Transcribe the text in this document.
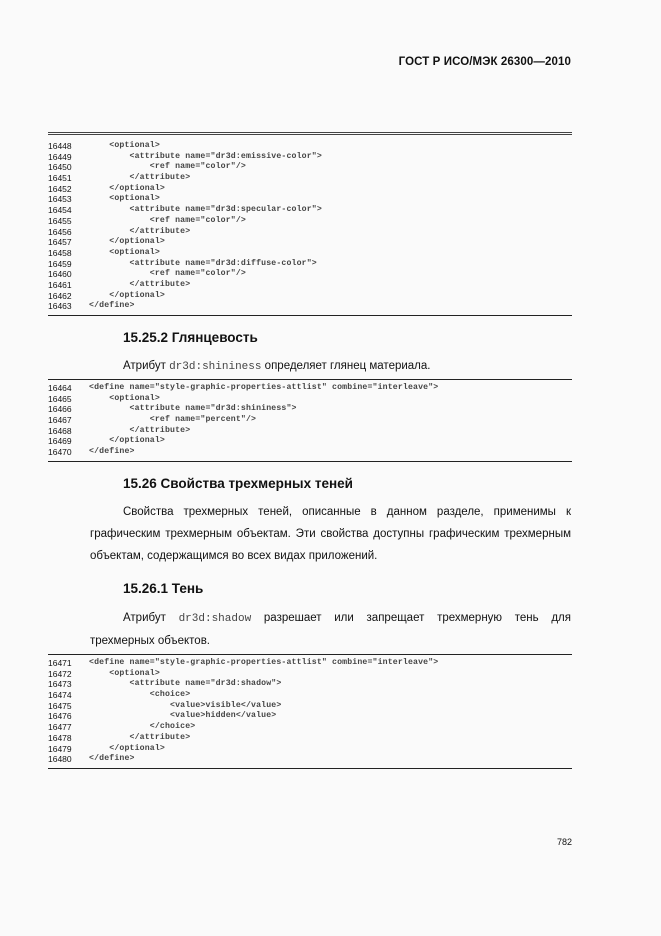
ГОСТ Р ИСО/МЭК 26300—2010
16448	<optional>
16449	<attribute name="dr3d:emissive-color">
16450	<ref name="color"/>
16451	</attribute>
16452	</optional>
16453	<optional>
16454	<attribute name="dr3d:specular-color">
16455	<ref name="color"/>
16456	</attribute>
16457	</optional>
16458	<optional>
16459	<attribute name="dr3d:diffuse-color">
16460	<ref name="color"/>
16461	</attribute>
16462	</optional>
16463	</define>
15.25.2 Глянцевость
Атрибут dr3d:shininess определяет глянец материала.
16464	<define name="style-graphic-properties-attlist" combine="interleave">
16465	<optional>
16466	<attribute name="dr3d:shininess">
16467	<ref name="percent"/>
16468	</attribute>
16469	</optional>
16470	</define>
15.26 Свойства трехмерных теней
Свойства трехмерных теней, описанные в данном разделе, применимы к графическим трехмерным объектам. Эти свойства доступны графическим трехмерным объектам, содержащимся во всех видах приложений.
15.26.1 Тень
Атрибут dr3d:shadow разрешает или запрещает трехмерную тень для трехмерных объектов.
16471	<define name="style-graphic-properties-attlist" combine="interleave">
16472	<optional>
16473	<attribute name="dr3d:shadow">
16474	<choice>
16475	<value>visible</value>
16476	<value>hidden</value>
16477	</choice>
16478	</attribute>
16479	</optional>
16480	</define>
782
